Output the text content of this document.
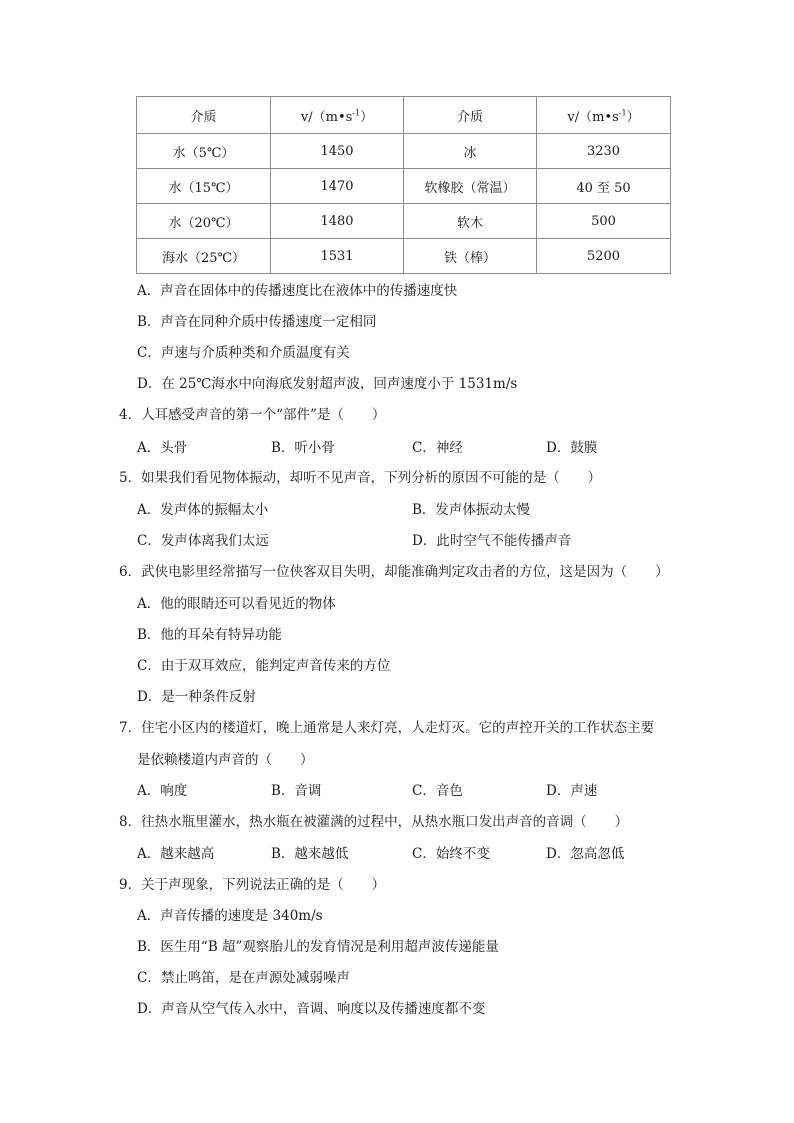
介质	$v/(m•s^{-1})$	介质	$v/(m•s^{-1})$
水（5℃）	1450	冰	3230
水（15℃）	1470	软橡胶（常温）	40 至 50
水（20℃）	1480	软木	500
海水（25℃）	1531	铁（棒）	5200
A．声音在固体中的传播速度比在液体中的传播速度快
B．声音在同种介质中传播速度一定相同
C．声速与介质种类和介质温度有关
D．在 25℃海水中向海底发射超声波，回声速度小于 1531m/s
4．人耳感受声音的第一个“部件”是（ ）
A．头骨	B．听小骨	C．神经	D．鼓膜
5．如果我们看见物体振动，却听不见声音，下列分析的原因不可能的是（ ）
A．发声体的振幅太小	B．发声体振动太慢
C．发声体离我们太远	D．此时空气不能传播声音
6．武侠电影里经常描写一位侠客双目失明，却能准确判定攻击者的方位，这是因为（ ）
A．他的眼睛还可以看见近的物体
B．他的耳朵有特异功能
C．由于双耳效应，能判定声音传来的方位
D．是一种条件反射
7．住宅小区内的楼道灯，晚上通常是人来灯亮，人走灯灭。它的声控开关的工作状态主要
是依赖楼道内声音的（ ）
A．响度	B．音调	C．音色	D．声速
8．往热水瓶里灌水，热水瓶在被灌满的过程中，从热水瓶口发出声音的音调（ ）
A．越来越高	B．越来越低	C．始终不变	D．忽高忽低
9．关于声现象，下列说法正确的是（ ）
A．声音传播的速度是 340m/s
B．医生用“B 超”观察胎儿的发育情况是利用超声波传递能量
C．禁止鸣笛，是在声源处减弱噪声
D．声音从空气传入水中，音调、响度以及传播速度都不变
